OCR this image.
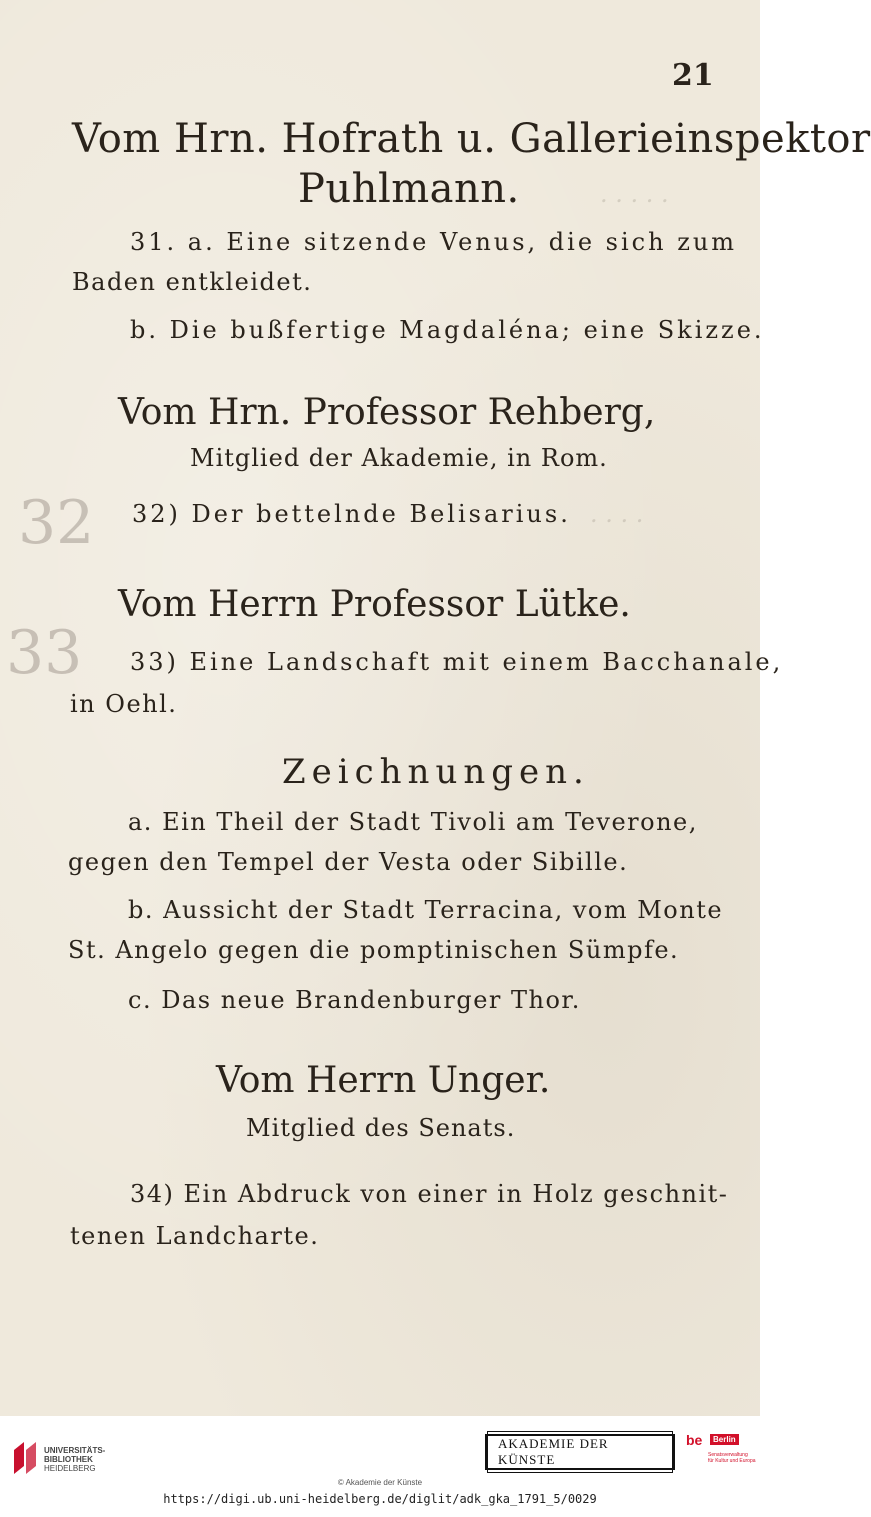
32
33
. . . . .
. . . .
21
Vom Hrn. Hofrath u. Gallerieinspektor
Puhlmann.
31. a. Eine sitzende Venus, die sich zum
Baden entkleidet.
b. Die bußfertige Magdaléna; eine Skizze.
Vom Hrn. Professor Rehberg,
Mitglied der Akademie, in Rom.
32) Der bettelnde Belisarius.
Vom Herrn Professor Lütke.
33) Eine Landschaft mit einem Bacchanale,
in Oehl.
Zeichnungen.
a. Ein Theil der Stadt Tivoli am Teverone,
gegen den Tempel der Vesta oder Sibille.
b. Aussicht der Stadt Terracina, vom Monte
St. Angelo gegen die pomptinischen Sümpfe.
c. Das neue Brandenburger Thor.
Vom Herrn Unger.
Mitglied des Senats.
34) Ein Abdruck von einer in Holz geschnit-
tenen Landcharte.
UNIVERSITÄTS-
BIBLIOTHEK
HEIDELBERG
AKADEMIE DER KÜNSTE
be	Berlin
Senatsverwaltung
für Kultur und Europa
© Akademie der Künste
https://digi.ub.uni-heidelberg.de/diglit/adk_gka_1791_5/0029
